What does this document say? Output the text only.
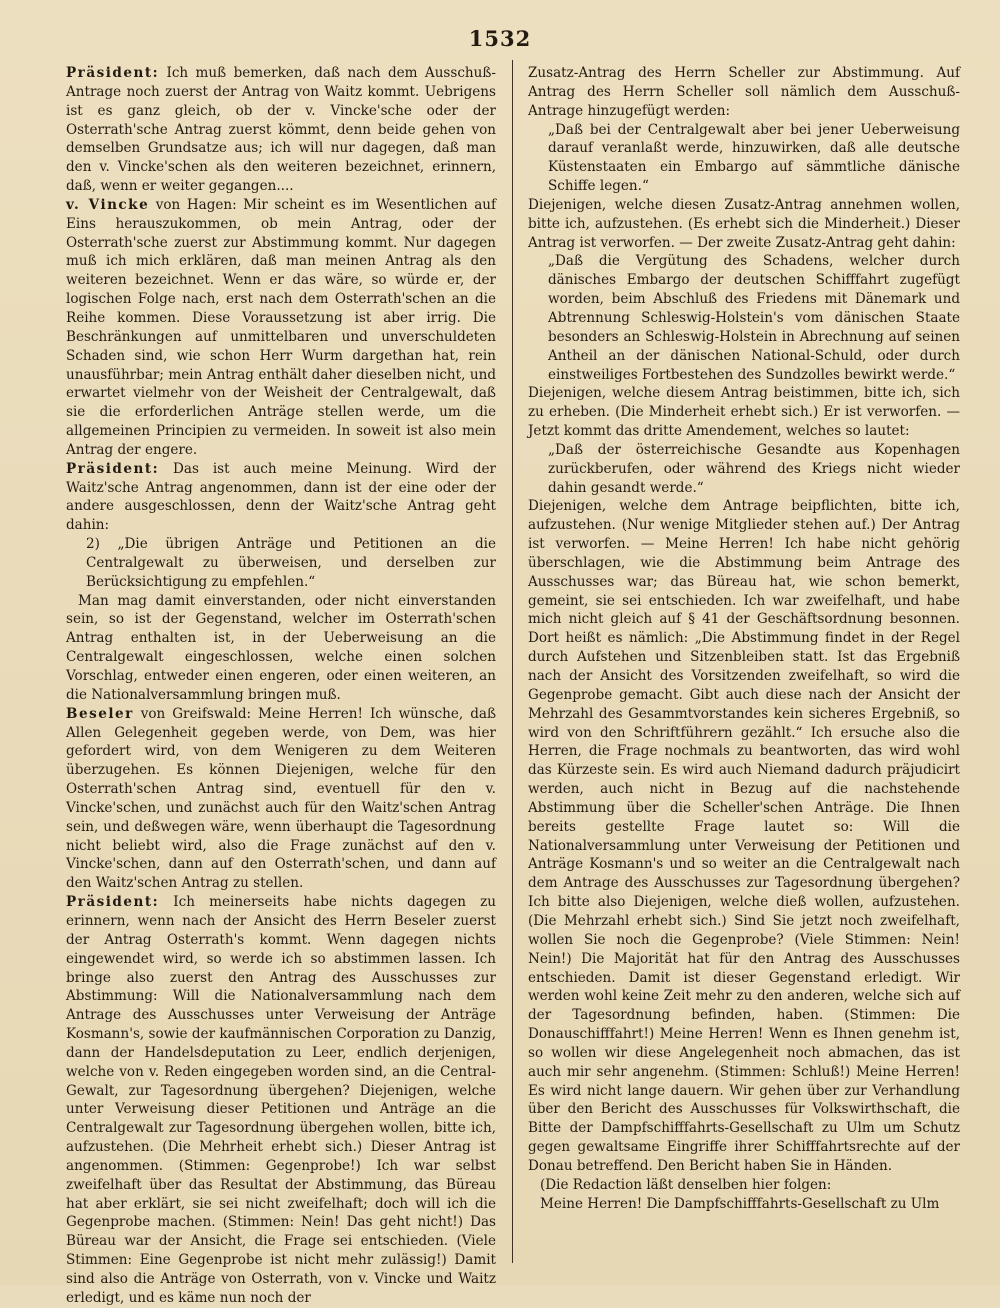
1532

Präsident: Ich muß bemerken, daß nach dem Ausschuß-Antrage noch zuerst der Antrag von Waitz kommt. Uebrigens ist es ganz gleich, ob der v. Vincke'sche oder der Osterrath'sche Antrag zuerst kömmt, denn beide gehen von demselben Grundsatze aus; ich will nur dagegen, daß man den v. Vincke'schen als den weiteren bezeichnet, erinnern, daß, wenn er weiter gegangen....

v. Vincke von Hagen: Mir scheint es im Wesentlichen auf Eins herauszukommen, ob mein Antrag, oder der Osterrath'sche zuerst zur Abstimmung kommt. Nur dagegen muß ich mich erklären, daß man meinen Antrag als den weiteren bezeichnet. Wenn er das wäre, so würde er, der logischen Folge nach, erst nach dem Osterrath'schen an die Reihe kommen. Diese Voraussetzung ist aber irrig. Die Beschränkungen auf unmittelbaren und unverschuldeten Schaden sind, wie schon Herr Wurm dargethan hat, rein unausführbar; mein Antrag enthält daher dieselben nicht, und erwartet vielmehr von der Weisheit der Centralgewalt, daß sie die erforderlichen Anträge stellen werde, um die allgemeinen Principien zu vermeiden. In soweit ist also mein Antrag der engere.

Präsident: Das ist auch meine Meinung. Wird der Waitz'sche Antrag angenommen, dann ist der eine oder der andere ausgeschlossen, denn der Waitz'sche Antrag geht dahin:

2) „Die übrigen Anträge und Petitionen an die Centralgewalt zu überweisen, und derselben zur Berücksichtigung zu empfehlen.“

Man mag damit einverstanden, oder nicht einverstanden sein, so ist der Gegenstand, welcher im Osterrath'schen Antrag enthalten ist, in der Ueberweisung an die Centralgewalt eingeschlossen, welche einen solchen Vorschlag, entweder einen engeren, oder einen weiteren, an die Nationalversammlung bringen muß.

Beseler von Greifswald: Meine Herren! Ich wünsche, daß Allen Gelegenheit gegeben werde, von Dem, was hier gefordert wird, von dem Wenigeren zu dem Weiteren überzugehen. Es können Diejenigen, welche für den Osterrath'schen Antrag sind, eventuell für den v. Vincke'schen, und zunächst auch für den Waitz'schen Antrag sein, und deßwegen wäre, wenn überhaupt die Tagesordnung nicht beliebt wird, also die Frage zunächst auf den v. Vincke'schen, dann auf den Osterrath'schen, und dann auf den Waitz'schen Antrag zu stellen.

Präsident: Ich meinerseits habe nichts dagegen zu erinnern, wenn nach der Ansicht des Herrn Beseler zuerst der Antrag Osterrath's kommt. Wenn dagegen nichts eingewendet wird, so werde ich so abstimmen lassen. Ich bringe also zuerst den Antrag des Ausschusses zur Abstimmung: Will die Nationalversammlung nach dem Antrage des Ausschusses unter Verweisung der Anträge Kosmann's, sowie der kaufmännischen Corporation zu Danzig, dann der Handelsdeputation zu Leer, endlich derjenigen, welche von v. Reden eingegeben worden sind, an die Central-Gewalt, zur Tagesordnung übergehen? Diejenigen, welche unter Verweisung dieser Petitionen und Anträge an die Centralgewalt zur Tagesordnung übergehen wollen, bitte ich, aufzustehen. (Die Mehrheit erhebt sich.) Dieser Antrag ist angenommen. (Stimmen: Gegenprobe!) Ich war selbst zweifelhaft über das Resultat der Abstimmung, das Büreau hat aber erklärt, sie sei nicht zweifelhaft; doch will ich die Gegenprobe machen. (Stimmen: Nein! Das geht nicht!) Das Büreau war der Ansicht, die Frage sei entschieden. (Viele Stimmen: Eine Gegenprobe ist nicht mehr zulässig!) Damit sind also die Anträge von Osterrath, von v. Vincke und Waitz erledigt, und es käme nun noch der

Zusatz-Antrag des Herrn Scheller zur Abstimmung. Auf Antrag des Herrn Scheller soll nämlich dem Ausschuß-Antrage hinzugefügt werden:

„Daß bei der Centralgewalt aber bei jener Ueberweisung darauf veranlaßt werde, hinzuwirken, daß alle deutsche Küstenstaaten ein Embargo auf sämmtliche dänische Schiffe legen.“

Diejenigen, welche diesen Zusatz-Antrag annehmen wollen, bitte ich, aufzustehen. (Es erhebt sich die Minderheit.) Dieser Antrag ist verworfen. — Der zweite Zusatz-Antrag geht dahin:

„Daß die Vergütung des Schadens, welcher durch dänisches Embargo der deutschen Schifffahrt zugefügt worden, beim Abschluß des Friedens mit Dänemark und Abtrennung Schleswig-Holstein's vom dänischen Staate besonders an Schleswig-Holstein in Abrechnung auf seinen Antheil an der dänischen National-Schuld, oder durch einstweiliges Fortbestehen des Sundzolles bewirkt werde.“

Diejenigen, welche diesem Antrag beistimmen, bitte ich, sich zu erheben. (Die Minderheit erhebt sich.) Er ist verworfen. — Jetzt kommt das dritte Amendement, welches so lautet:

„Daß der österreichische Gesandte aus Kopenhagen zurückberufen, oder während des Kriegs nicht wieder dahin gesandt werde.“

Diejenigen, welche dem Antrage beipflichten, bitte ich, aufzustehen. (Nur wenige Mitglieder stehen auf.) Der Antrag ist verworfen. — Meine Herren! Ich habe nicht gehörig überschlagen, wie die Abstimmung beim Antrage des Ausschusses war; das Büreau hat, wie schon bemerkt, gemeint, sie sei entschieden. Ich war zweifelhaft, und habe mich nicht gleich auf § 41 der Geschäftsordnung besonnen. Dort heißt es nämlich: „Die Abstimmung findet in der Regel durch Aufstehen und Sitzenbleiben statt. Ist das Ergebniß nach der Ansicht des Vorsitzenden zweifelhaft, so wird die Gegenprobe gemacht. Gibt auch diese nach der Ansicht der Mehrzahl des Gesammtvorstandes kein sicheres Ergebniß, so wird von den Schriftführern gezählt.“ Ich ersuche also die Herren, die Frage nochmals zu beantworten, das wird wohl das Kürzeste sein. Es wird auch Niemand dadurch präjudicirt werden, auch nicht in Bezug auf die nachstehende Abstimmung über die Scheller'schen Anträge. Die Ihnen bereits gestellte Frage lautet so: Will die Nationalversammlung unter Verweisung der Petitionen und Anträge Kosmann's und so weiter an die Centralgewalt nach dem Antrage des Ausschusses zur Tagesordnung übergehen? Ich bitte also Diejenigen, welche dieß wollen, aufzustehen. (Die Mehrzahl erhebt sich.) Sind Sie jetzt noch zweifelhaft, wollen Sie noch die Gegenprobe? (Viele Stimmen: Nein! Nein!) Die Majorität hat für den Antrag des Ausschusses entschieden. Damit ist dieser Gegenstand erledigt. Wir werden wohl keine Zeit mehr zu den anderen, welche sich auf der Tagesordnung befinden, haben. (Stimmen: Die Donauschifffahrt!) Meine Herren! Wenn es Ihnen genehm ist, so wollen wir diese Angelegenheit noch abmachen, das ist auch mir sehr angenehm. (Stimmen: Schluß!) Meine Herren! Es wird nicht lange dauern. Wir gehen über zur Verhandlung über den Bericht des Ausschusses für Volkswirthschaft, die Bitte der Dampfschifffahrts-Gesellschaft zu Ulm um Schutz gegen gewaltsame Eingriffe ihrer Schifffahrtsrechte auf der Donau betreffend. Den Bericht haben Sie in Händen.

(Die Redaction läßt denselben hier folgen:

Meine Herren! Die Dampfschifffahrts-Gesellschaft zu Ulm
